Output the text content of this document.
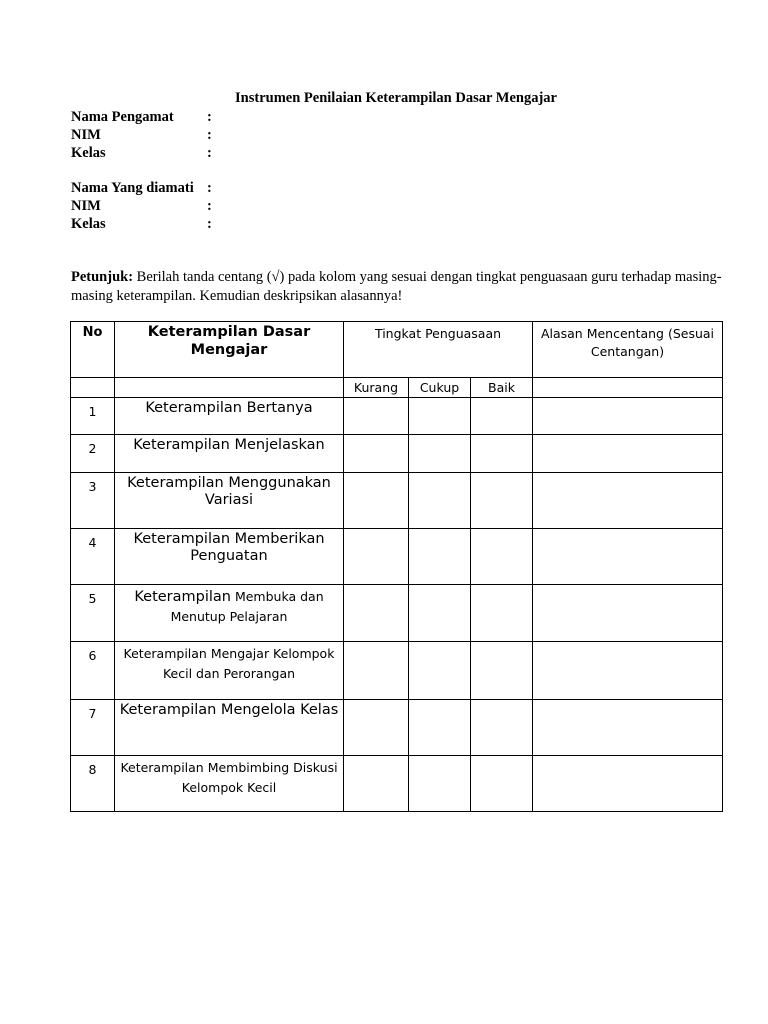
Instrumen Penilaian Keterampilan Dasar Mengajar
Nama Pengamat :
NIM	:
Kelas	:
Nama Yang diamati :
NIM	:
Kelas	:
Petunjuk: Berilah tanda centang (√) pada kolom yang sesuai dengan tingkat penguasaan guru terhadap masing-masing keterampilan. Kemudian deskripsikan alasannya!
No	Keterampilan Dasar Mengajar	Tingkat Penguasaan			Alasan Mencentang (Sesuai Centangan)
		Kurang	Cukup	Baik	
1	Keterampilan Bertanya				
2	Keterampilan Menjelaskan				
3	Keterampilan Menggunakan Variasi				
4	Keterampilan Memberikan Penguatan				
5	Keterampilan Membuka dan Menutup Pelajaran				
6	Keterampilan Mengajar Kelompok Kecil dan Perorangan				
7	Keterampilan Mengelola Kelas				
8	Keterampilan Membimbing Diskusi Kelompok Kecil				
